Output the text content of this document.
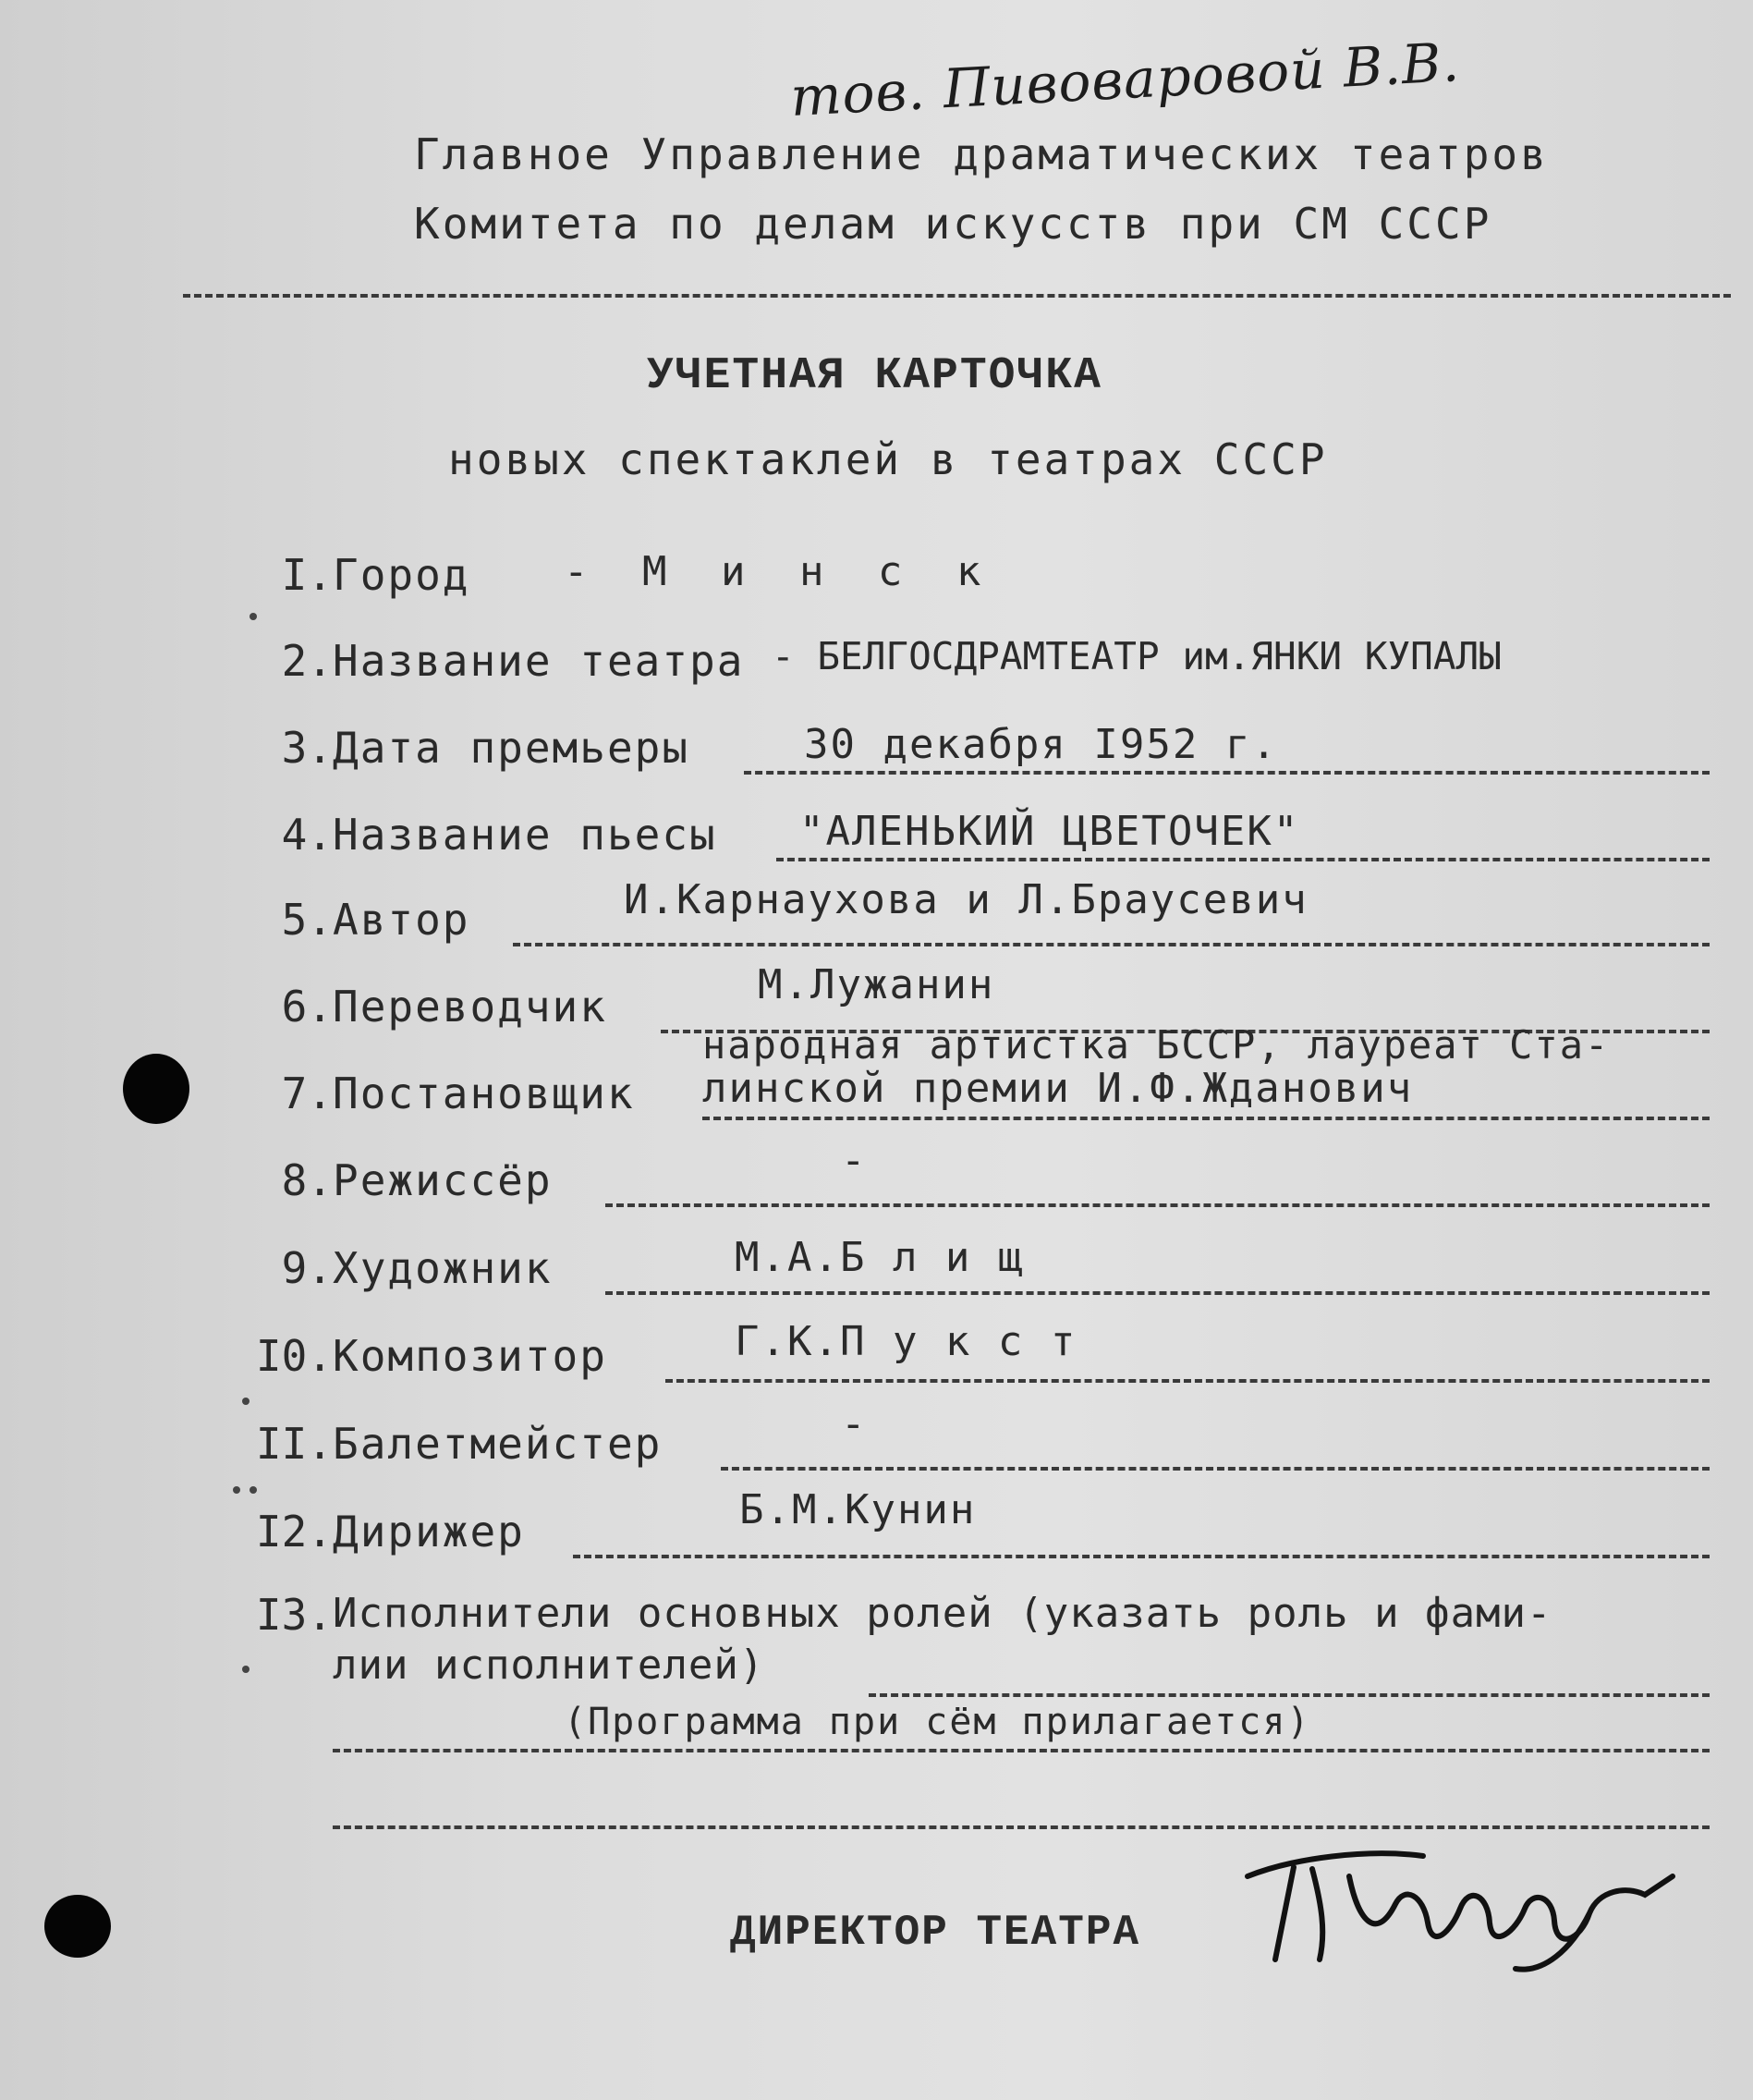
тов. Пивоваровой В.В.
Главное Управление драматических театров
Комитета по делам искусств при СМ СССР
УЧЕТНАЯ КАРТОЧКА
новых спектаклей в театрах СССР
I. Город - М и н с к
2. Название театра - БЕЛГОСДРАМТЕАТР им.ЯНКИ КУПАЛЫ
3. Дата премьеры	30 декабря I952 г.
4. Название пьесы "АЛЕНЬКИЙ ЦВЕТОЧЕК"
5. Автор	И.Карнаухова и Л.Браусевич
6. Переводчик	М.Лужанин
7. Постановщик
народная артистка БССР, лауреат Ста-
линской премии И.Ф.Жданович
8. Режиссёр	-
9. Художник	М.А.Б л и щ
I0. Композитор	Г.К.П у к с т
II. Балетмейстер	-
I2. Дирижер	Б.М.Кунин
I3. Исполнители основных ролей (указать роль и фами-
лии исполнителей)
(Программа при сём прилагается)
ДИРЕКТОР ТЕАТРА
